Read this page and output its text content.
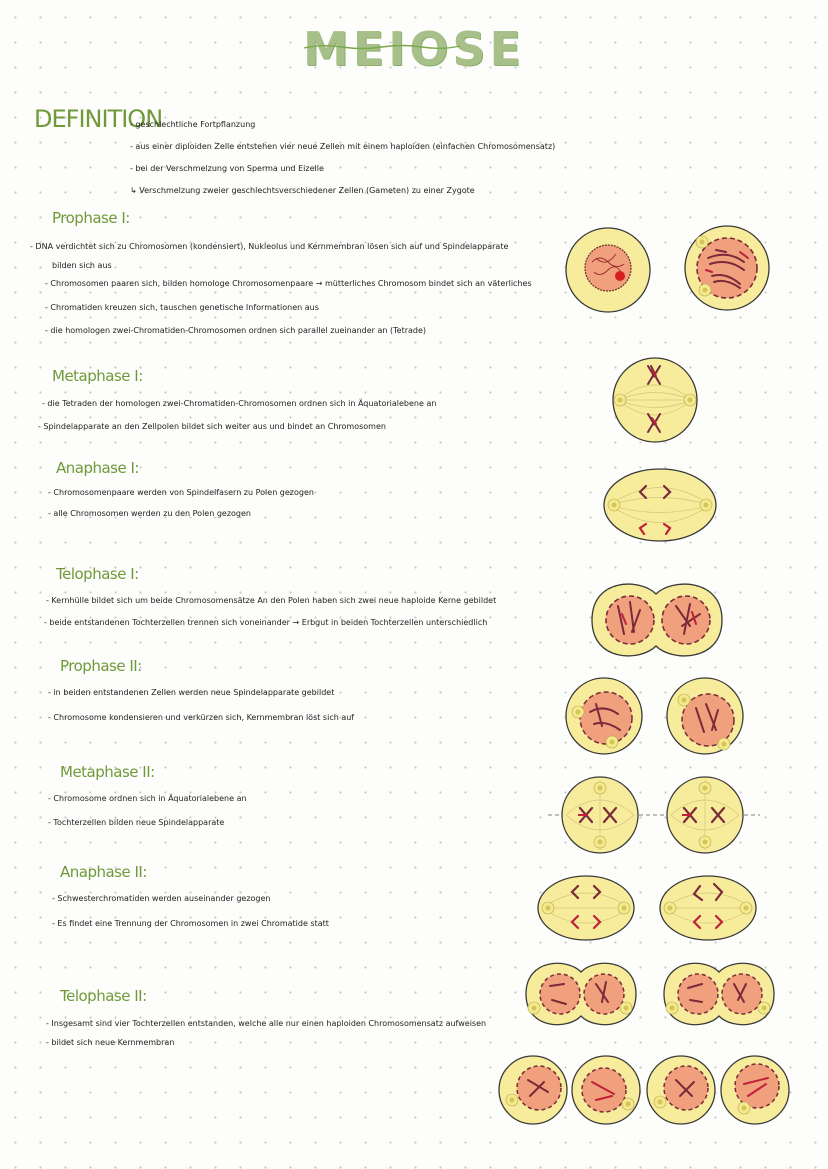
MEIOSE
DEFINITION
- geschlechtliche Fortpflanzung
- aus einer diploiden Zelle entstehen vier neue Zellen mit einem haploiden (einfachen Chromosomensatz)
- bei der Verschmelzung von Sperma und Eizelle
↳ Verschmelzung zweier geschlechtsverschiedener Zellen (Gameten) zu einer Zygote
Prophase I:
- DNA verdichtet sich zu Chromosomen (kondensiert), Nukleolus und Kernmembran lösen sich auf und Spindelapparate
bilden sich aus
- Chromosomen paaren sich, bilden homologe Chromosomenpaare → mütterliches Chromosom bindet sich an väterliches
- Chromatiden kreuzen sich, tauschen genetische Informationen aus
- die homologen zwei-Chromatiden-Chromosomen ordnen sich parallel zueinander an (Tetrade)
Metaphase I:
- die Tetraden der homologen zwei-Chromatiden-Chromosomen ordnen sich in Äquatorialebene an
- Spindelapparate an den Zellpolen bildet sich weiter aus und bindet an Chromosomen
Anaphase I:
- Chromosomenpaare werden von Spindelfasern zu Polen gezogen
- alle Chromosomen werden zu den Polen gezogen
Telophase I:
- Kernhülle bildet sich um beide Chromosomensätze An den Polen haben sich zwei neue haploide Kerne gebildet
- beide entstandenen Tochterzellen trennen sich voneinander → Erbgut in beiden Tochterzellen unterschiedlich
Prophase II:
- in beiden entstandenen Zellen werden neue Spindelapparate gebildet
- Chromosome kondensieren und verkürzen sich, Kernmembran löst sich auf
Metaphase II:
- Chromosome ordnen sich in Äquatorialebene an
- Tochterzellen bilden neue Spindelapparate
Anaphase II:
- Schwesterchromatiden werden auseinander gezogen
- Es findet eine Trennung der Chromosomen in zwei Chromatide statt
Telophase II:
- Insgesamt sind vier Tochterzellen entstanden, welche alle nur einen haploiden Chromosomensatz aufweisen
- bildet sich neue Kernmembran
